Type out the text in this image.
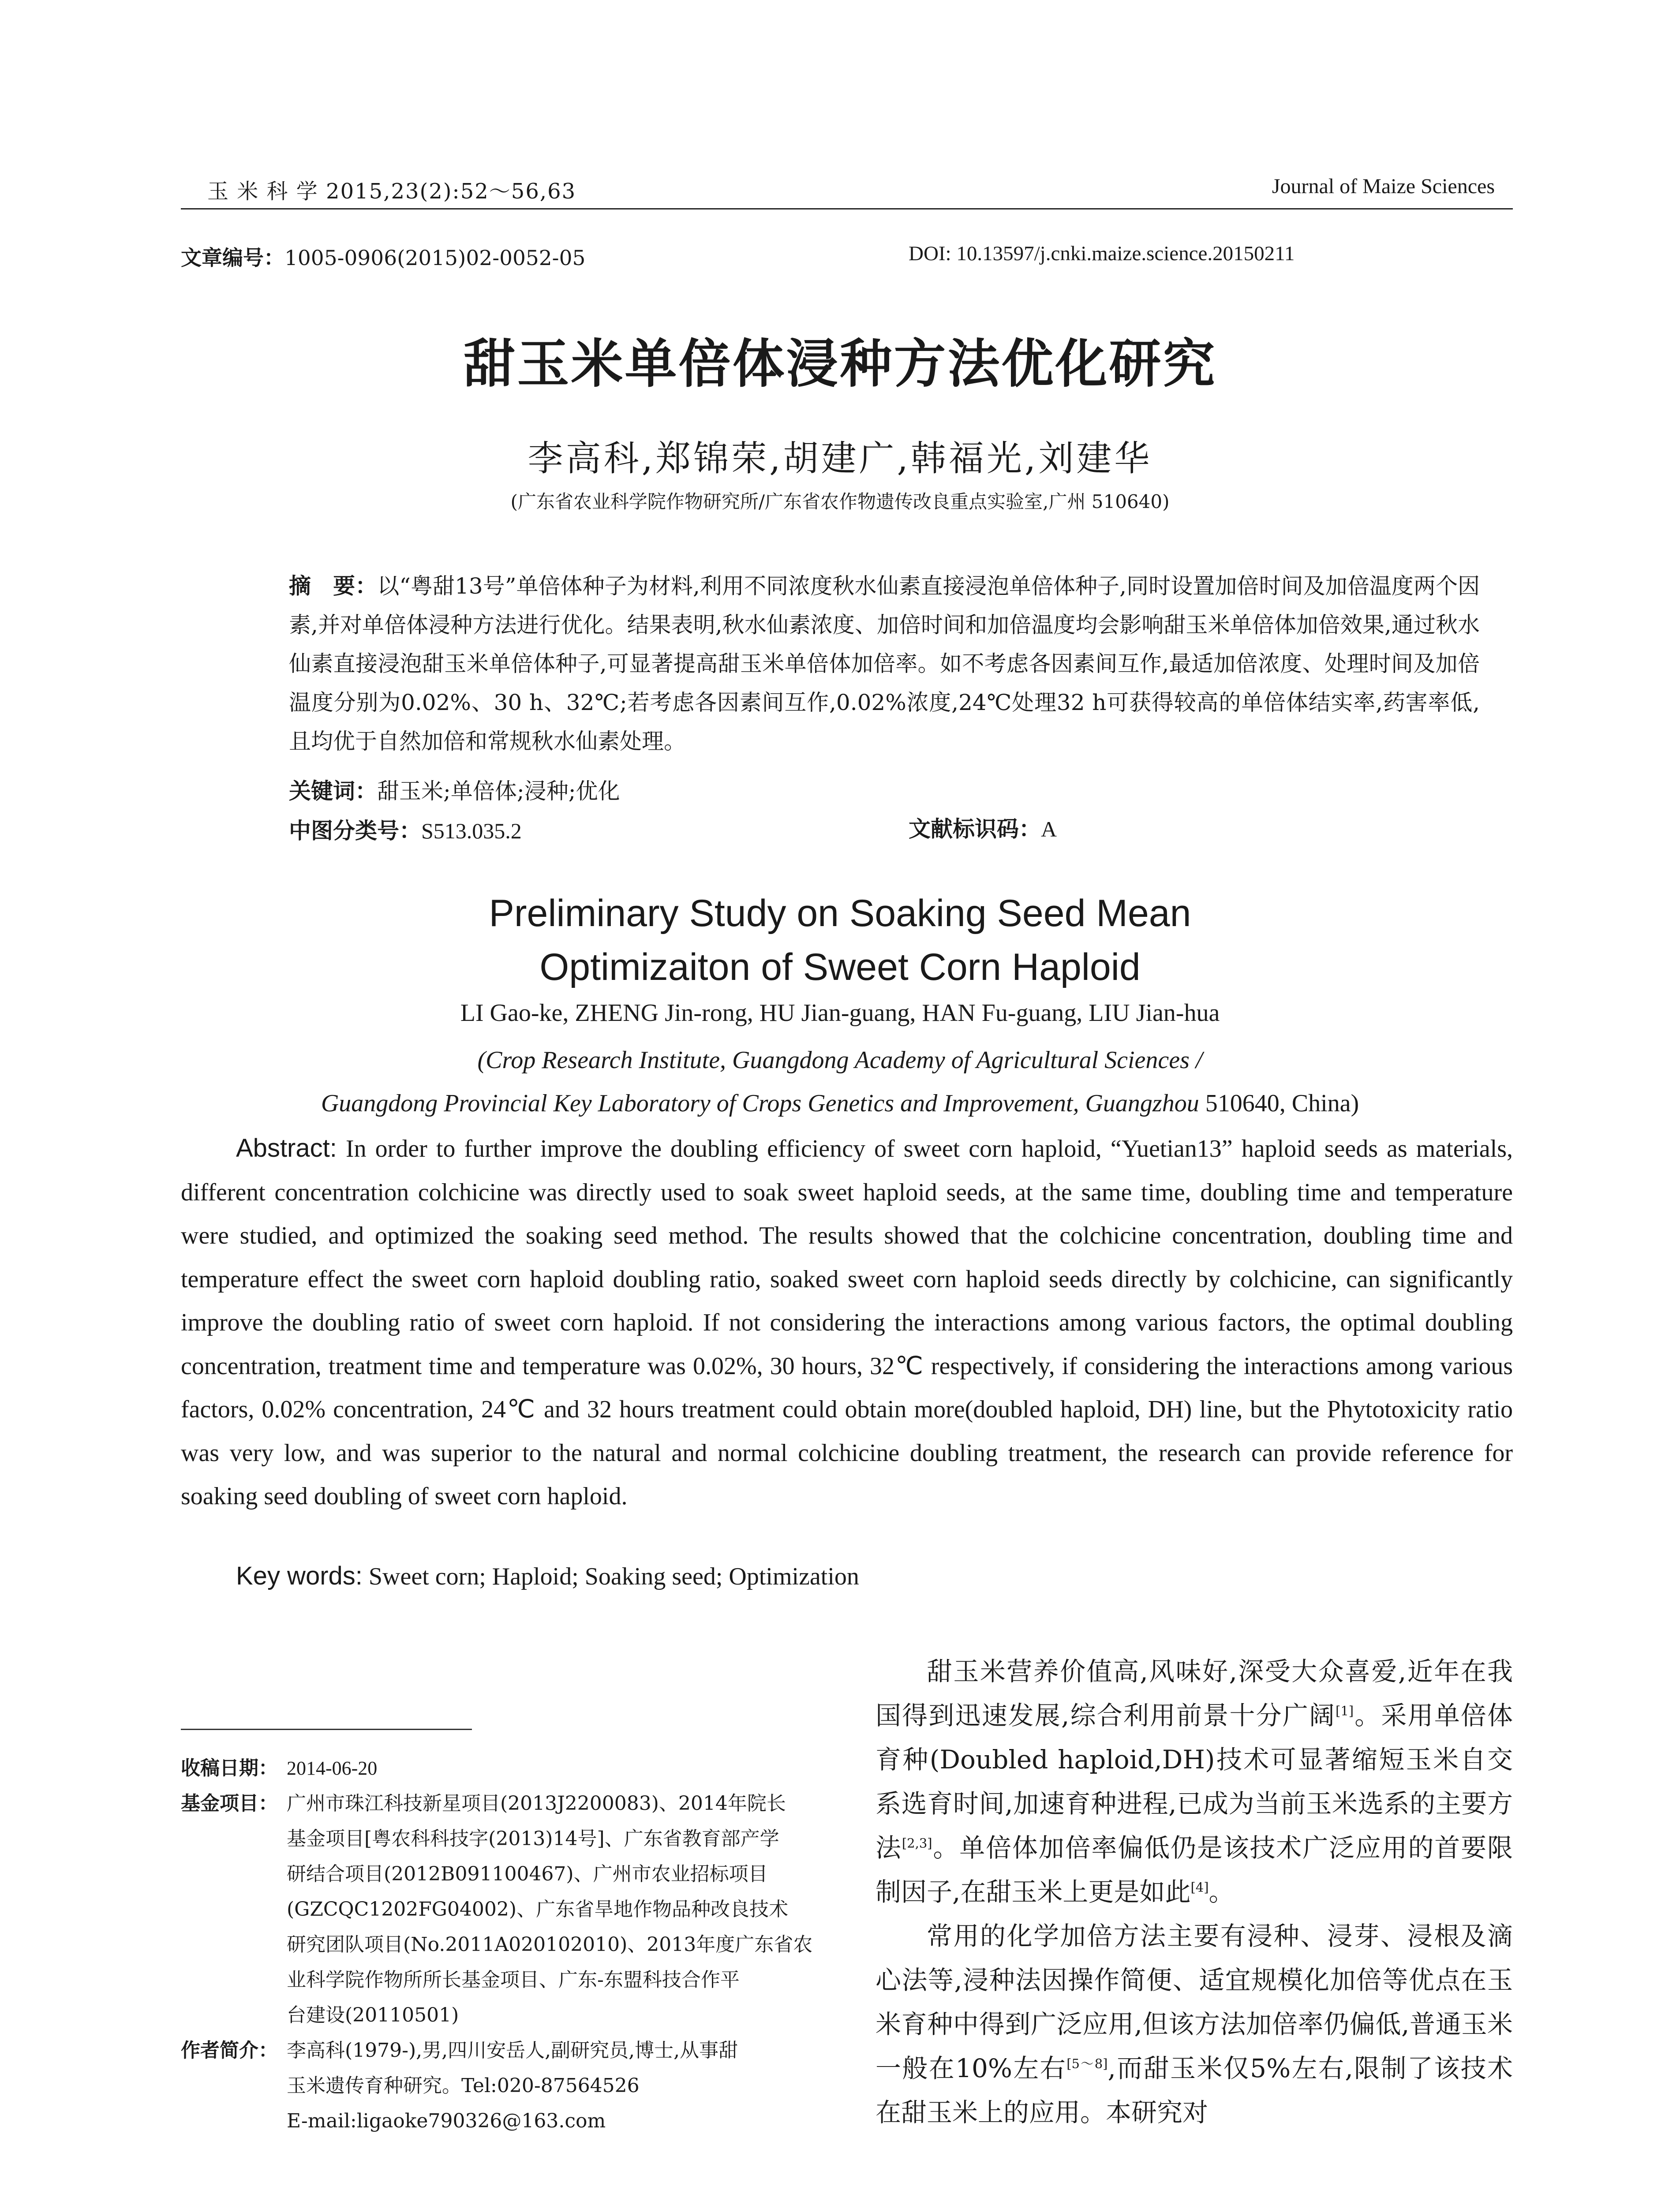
玉 米 科 学 2015,23(2):52～56,63	Journal of Maize Sciences
文章编号：1005-0906(2015)02-0052-05	DOI: 10.13597/j.cnki.maize.science.20150211
甜玉米单倍体浸种方法优化研究
李高科,郑锦荣,胡建广,韩福光,刘建华
(广东省农业科学院作物研究所/广东省农作物遗传改良重点实验室,广州 510640)
摘　要：以“粤甜13号”单倍体种子为材料,利用不同浓度秋水仙素直接浸泡单倍体种子,同时设置加倍时间及加倍温度两个因素,并对单倍体浸种方法进行优化。结果表明,秋水仙素浓度、加倍时间和加倍温度均会影响甜玉米单倍体加倍效果,通过秋水仙素直接浸泡甜玉米单倍体种子,可显著提高甜玉米单倍体加倍率。如不考虑各因素间互作,最适加倍浓度、处理时间及加倍温度分别为0.02%、30 h、32℃;若考虑各因素间互作,0.02%浓度,24℃处理32 h可获得较高的单倍体结实率,药害率低,且均优于自然加倍和常规秋水仙素处理。
关键词：甜玉米;单倍体;浸种;优化
中图分类号：S513.035.2	文献标识码：A
Preliminary Study on Soaking Seed Mean
Optimizaiton of Sweet Corn Haploid
LI Gao-ke, ZHENG Jin-rong, HU Jian-guang, HAN Fu-guang, LIU Jian-hua
(Crop Research Institute, Guangdong Academy of Agricultural Sciences /
Guangdong Provincial Key Laboratory of Crops Genetics and Improvement, Guangzhou 510640, China)
Abstract: In order to further improve the doubling efficiency of sweet corn haploid, “Yuetian13” haploid seeds as materials, different concentration colchicine was directly used to soak sweet haploid seeds, at the same time, doubling time and temperature were studied, and optimized the soaking seed method. The results showed that the colchicine concentration, doubling time and temperature effect the sweet corn haploid doubling ratio, soaked sweet corn haploid seeds directly by colchicine, can significantly improve the doubling ratio of sweet corn haploid. If not considering the interactions among various factors, the optimal doubling concentration, treatment time and temperature was 0.02%, 30 hours, 32℃ respectively, if considering the interactions among various factors, 0.02% concentration, 24℃ and 32 hours treatment could obtain more(doubled haploid, DH) line, but the Phytotoxicity ratio was very low, and was superior to the natural and normal colchicine doubling treatment, the research can provide reference for soaking seed doubling of sweet corn haploid.
Key words: Sweet corn; Haploid; Soaking seed; Optimization
收稿日期： 2014-06-20
基金项目： 广州市珠江科技新星项目(2013J2200083)、2014年院长
基金项目[粤农科科技字(2013)14号]、广东省教育部产学
研结合项目(2012B091100467)、广州市农业招标项目
(GZCQC1202FG04002)、广东省旱地作物品种改良技术
研究团队项目(No.2011A020102010)、2013年度广东省农
业科学院作物所所长基金项目、广东-东盟科技合作平
台建设(20110501)
作者简介： 李高科(1979-),男,四川安岳人,副研究员,博士,从事甜
玉米遗传育种研究。Tel:020-87564526
E-mail:ligaoke790326@163.com

甜玉米营养价值高,风味好,深受大众喜爱,近年在我国得到迅速发展,综合利用前景十分广阔[1]。采用单倍体育种(Doubled haploid,DH)技术可显著缩短玉米自交系选育时间,加速育种进程,已成为当前玉米选系的主要方法[2,3]。单倍体加倍率偏低仍是该技术广泛应用的首要限制因子,在甜玉米上更是如此[4]。

常用的化学加倍方法主要有浸种、浸芽、浸根及滴心法等,浸种法因操作简便、适宜规模化加倍等优点在玉米育种中得到广泛应用,但该方法加倍率仍偏低,普通玉米一般在10%左右[5～8],而甜玉米仅5%左右,限制了该技术在甜玉米上的应用。本研究对
